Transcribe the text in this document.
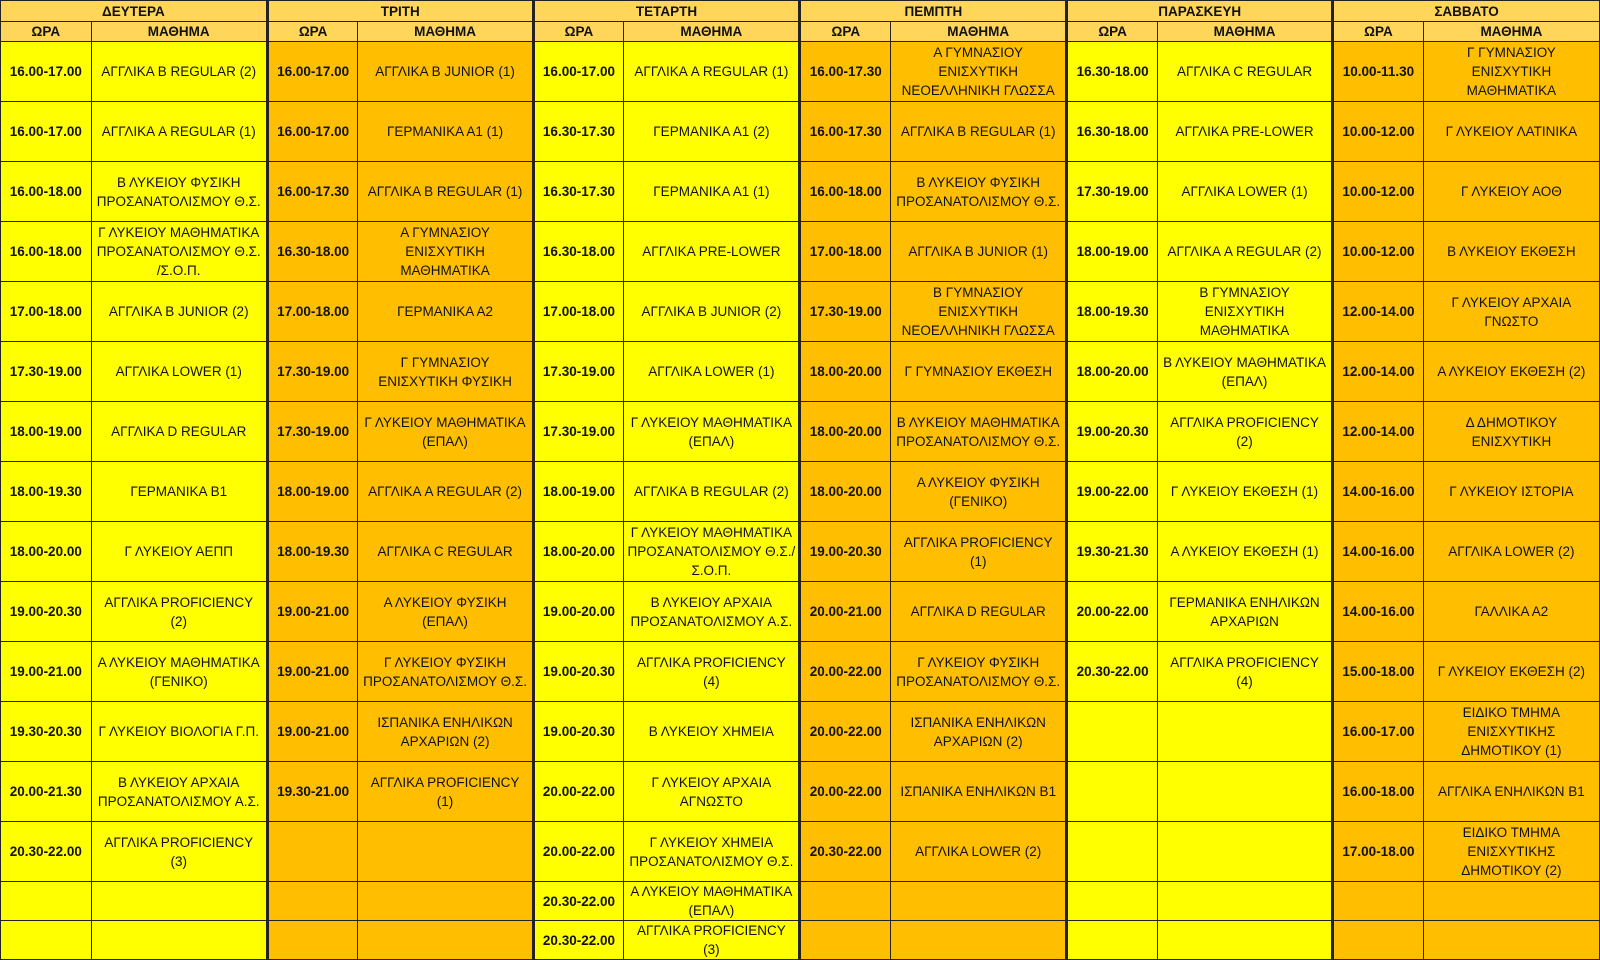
ΔΕΥΤΕΡΑ		ΤΡΙΤΗ		ΤΕΤΑΡΤΗ		ΠΕΜΠΤΗ		ΠΑΡΑΣΚΕΥΗ		ΣΑΒΒΑΤΟ	
ΩΡΑ	ΜΑΘΗΜΑ	ΩΡΑ	ΜΑΘΗΜΑ	ΩΡΑ	ΜΑΘΗΜΑ	ΩΡΑ	ΜΑΘΗΜΑ	ΩΡΑ	ΜΑΘΗΜΑ	ΩΡΑ	ΜΑΘΗΜΑ
16.00-17.00	ΑΓΓΛΙΚΑ B REGULAR (2)	16.00-17.00	ΑΓΓΛΙΚΑ B JUNIOR (1)	16.00-17.00	ΑΓΓΛΙΚΑ A REGULAR (1)	16.00-17.30	Α ΓΥΜΝΑΣΙΟΥ ΕΝΙΣΧΥΤΙΚΗ ΝΕΟΕΛΛΗΝΙΚΗ ΓΛΩΣΣΑ	16.30-18.00	ΑΓΓΛΙΚΑ C REGULAR	10.00-11.30	Γ ΓΥΜΝΑΣΙΟΥ ΕΝΙΣΧΥΤΙΚΗ ΜΑΘΗΜΑΤΙΚΑ
16.00-17.00	ΑΓΓΛΙΚΑ A REGULAR (1)	16.00-17.00	ΓΕΡΜΑΝΙΚΑ Α1 (1)	16.30-17.30	ΓΕΡΜΑΝΙΚΑ Α1 (2)	16.00-17.30	ΑΓΓΛΙΚΑ B REGULAR (1)	16.30-18.00	ΑΓΓΛΙΚΑ PRE-LOWER	10.00-12.00	Γ ΛΥΚΕΙΟΥ ΛΑΤΙΝΙΚΑ
16.00-18.00	Β ΛΥΚΕΙΟΥ ΦΥΣΙΚΗ ΠΡΟΣΑΝΑΤΟΛΙΣΜΟΥ Θ.Σ.	16.00-17.30	ΑΓΓΛΙΚΑ B REGULAR (1)	16.30-17.30	ΓΕΡΜΑΝΙΚΑ Α1 (1)	16.00-18.00	Β ΛΥΚΕΙΟΥ ΦΥΣΙΚΗ ΠΡΟΣΑΝΑΤΟΛΙΣΜΟΥ Θ.Σ.	17.30-19.00	ΑΓΓΛΙΚΑ LOWER (1)	10.00-12.00	Γ ΛΥΚΕΙΟΥ ΑΟΘ
16.00-18.00	Γ ΛΥΚΕΙΟΥ ΜΑΘΗΜΑΤΙΚΑ ΠΡΟΣΑΝΑΤΟΛΙΣΜΟΥ Θ.Σ. /Σ.Ο.Π.	16.30-18.00	Α ΓΥΜΝΑΣΙΟΥ ΕΝΙΣΧΥΤΙΚΗ ΜΑΘΗΜΑΤΙΚΑ	16.30-18.00	ΑΓΓΛΙΚΑ PRE-LOWER	17.00-18.00	ΑΓΓΛΙΚΑ B JUNIOR (1)	18.00-19.00	ΑΓΓΛΙΚΑ A REGULAR (2)	10.00-12.00	Β ΛΥΚΕΙΟΥ ΕΚΘΕΣΗ
17.00-18.00	ΑΓΓΛΙΚΑ B JUNIOR (2)	17.00-18.00	ΓΕΡΜΑΝΙΚΑ Α2	17.00-18.00	ΑΓΓΛΙΚΑ B JUNIOR (2)	17.30-19.00	Β ΓΥΜΝΑΣΙΟΥ ΕΝΙΣΧΥΤΙΚΗ ΝΕΟΕΛΛΗΝΙΚΗ ΓΛΩΣΣΑ	18.00-19.30	Β ΓΥΜΝΑΣΙΟΥ ΕΝΙΣΧΥΤΙΚΗ ΜΑΘΗΜΑΤΙΚΑ	12.00-14.00	Γ ΛΥΚΕΙΟΥ ΑΡΧΑΙΑ ΓΝΩΣΤΟ
17.30-19.00	ΑΓΓΛΙΚΑ LOWER (1)	17.30-19.00	Γ ΓΥΜΝΑΣΙΟΥ ΕΝΙΣΧΥΤΙΚΗ ΦΥΣΙΚΗ	17.30-19.00	ΑΓΓΛΙΚΑ LOWER (1)	18.00-20.00	Γ ΓΥΜΝΑΣΙΟΥ ΕΚΘΕΣΗ	18.00-20.00	Β ΛΥΚΕΙΟΥ ΜΑΘΗΜΑΤΙΚΑ (ΕΠΑΛ)	12.00-14.00	Α ΛΥΚΕΙΟΥ ΕΚΘΕΣΗ (2)
18.00-19.00	ΑΓΓΛΙΚΑ D REGULAR	17.30-19.00	Γ ΛΥΚΕΙΟΥ ΜΑΘΗΜΑΤΙΚΑ (ΕΠΑΛ)	17.30-19.00	Γ ΛΥΚΕΙΟΥ ΜΑΘΗΜΑΤΙΚΑ (ΕΠΑΛ)	18.00-20.00	Β ΛΥΚΕΙΟΥ ΜΑΘΗΜΑΤΙΚΑ ΠΡΟΣΑΝΑΤΟΛΙΣΜΟΥ Θ.Σ.	19.00-20.30	ΑΓΓΛΙΚΑ PROFICIENCY (2)	12.00-14.00	Δ ΔΗΜΟΤΙΚΟΥ ΕΝΙΣΧΥΤΙΚΗ
18.00-19.30	ΓΕΡΜΑΝΙΚΑ Β1	18.00-19.00	ΑΓΓΛΙΚΑ A REGULAR (2)	18.00-19.00	ΑΓΓΛΙΚΑ B REGULAR (2)	18.00-20.00	Α ΛΥΚΕΙΟΥ ΦΥΣΙΚΗ (ΓΕΝΙΚΟ)	19.00-22.00	Γ ΛΥΚΕΙΟΥ ΕΚΘΕΣΗ (1)	14.00-16.00	Γ ΛΥΚΕΙΟΥ ΙΣΤΟΡΙΑ
18.00-20.00	Γ ΛΥΚΕΙΟΥ ΑΕΠΠ	18.00-19.30	ΑΓΓΛΙΚΑ C REGULAR	18.00-20.00	Γ ΛΥΚΕΙΟΥ ΜΑΘΗΜΑΤΙΚΑ ΠΡΟΣΑΝΑΤΟΛΙΣΜΟΥ Θ.Σ./Σ.Ο.Π.	19.00-20.30	ΑΓΓΛΙΚΑ PROFICIENCY (1)	19.30-21.30	Α ΛΥΚΕΙΟΥ ΕΚΘΕΣΗ (1)	14.00-16.00	ΑΓΓΛΙΚΑ LOWER (2)
19.00-20.30	ΑΓΓΛΙΚΑ PROFICIENCY (2)	19.00-21.00	Α ΛΥΚΕΙΟΥ ΦΥΣΙΚΗ (ΕΠΑΛ)	19.00-20.00	Β ΛΥΚΕΙΟΥ ΑΡΧΑΙΑ ΠΡΟΣΑΝΑΤΟΛΙΣΜΟΥ Α.Σ.	20.00-21.00	ΑΓΓΛΙΚΑ D REGULAR	20.00-22.00	ΓΕΡΜΑΝΙΚΑ ΕΝΗΛΙΚΩΝ ΑΡΧΑΡΙΩΝ	14.00-16.00	ΓΑΛΛΙΚΑ Α2
19.00-21.00	Α ΛΥΚΕΙΟΥ ΜΑΘΗΜΑΤΙΚΑ (ΓΕΝΙΚΟ)	19.00-21.00	Γ ΛΥΚΕΙΟΥ ΦΥΣΙΚΗ ΠΡΟΣΑΝΑΤΟΛΙΣΜΟΥ Θ.Σ.	19.00-20.30	ΑΓΓΛΙΚΑ PROFICIENCY (4)	20.00-22.00	Γ ΛΥΚΕΙΟΥ ΦΥΣΙΚΗ ΠΡΟΣΑΝΑΤΟΛΙΣΜΟΥ Θ.Σ.	20.30-22.00	ΑΓΓΛΙΚΑ PROFICIENCY (4)	15.00-18.00	Γ ΛΥΚΕΙΟΥ ΕΚΘΕΣΗ (2)
19.30-20.30	Γ ΛΥΚΕΙΟΥ ΒΙΟΛΟΓΙΑ Γ.Π.	19.00-21.00	ΙΣΠΑΝΙΚΑ ΕΝΗΛΙΚΩΝ ΑΡΧΑΡΙΩΝ (2)	19.00-20.30	Β ΛΥΚΕΙΟΥ ΧΗΜΕΙΑ	20.00-22.00	ΙΣΠΑΝΙΚΑ ΕΝΗΛΙΚΩΝ ΑΡΧΑΡΙΩΝ (2)			16.00-17.00	ΕΙΔΙΚΟ ΤΜΗΜΑ ΕΝΙΣΧΥΤΙΚΗΣ ΔΗΜΟΤΙΚΟΥ (1)
20.00-21.30	Β ΛΥΚΕΙΟΥ ΑΡΧΑΙΑ ΠΡΟΣΑΝΑΤΟΛΙΣΜΟΥ Α.Σ.	19.30-21.00	ΑΓΓΛΙΚΑ PROFICIENCY (1)	20.00-22.00	Γ ΛΥΚΕΙΟΥ ΑΡΧΑΙΑ ΑΓΝΩΣΤΟ	20.00-22.00	ΙΣΠΑΝΙΚΑ ΕΝΗΛΙΚΩΝ Β1			16.00-18.00	ΑΓΓΛΙΚΑ ΕΝΗΛΙΚΩΝ Β1
20.30-22.00	ΑΓΓΛΙΚΑ PROFICIENCY (3)			20.00-22.00	Γ ΛΥΚΕΙΟΥ ΧΗΜΕΙΑ ΠΡΟΣΑΝΑΤΟΛΙΣΜΟΥ Θ.Σ.	20.30-22.00	ΑΓΓΛΙΚΑ LOWER (2)			17.00-18.00	ΕΙΔΙΚΟ ΤΜΗΜΑ ΕΝΙΣΧΥΤΙΚΗΣ ΔΗΜΟΤΙΚΟΥ (2)
				20.30-22.00	Α ΛΥΚΕΙΟΥ ΜΑΘΗΜΑΤΙΚΑ (ΕΠΑΛ)						
				20.30-22.00	ΑΓΓΛΙΚΑ PROFICIENCY (3)						
